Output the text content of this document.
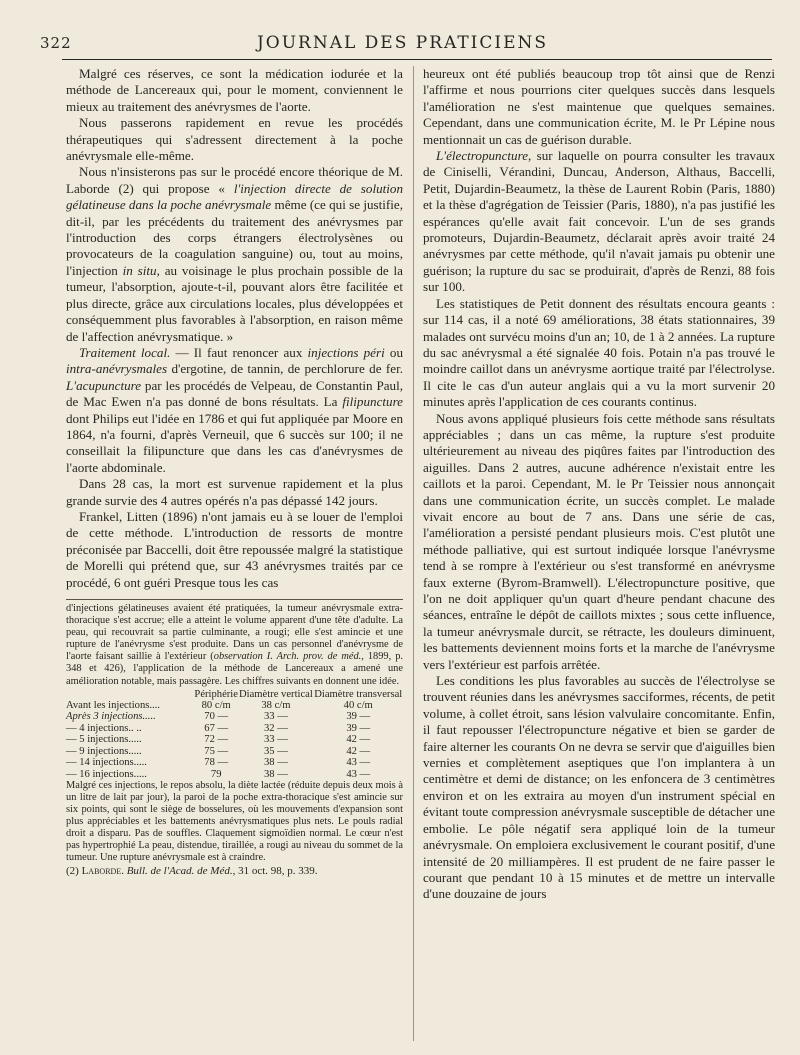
322	JOURNAL DES PRATICIENS

Malgré ces réserves, ce sont la médication iodurée et la méthode de Lancereaux qui, pour le moment, conviennent le mieux au traitement des anévrysmes de l'aorte.

Nous passerons rapidement en revue les procédés thérapeutiques qui s'adressent directement à la poche anévrysmale elle-même.

Nous n'insisterons pas sur le procédé encore théorique de M. Laborde (2) qui propose « l'injection directe de solution gélatineuse dans la poche anévrysmale même (ce qui se justifie, dit-il, par les précédents du traitement des anévrysmes par l'introduction des corps étrangers électrolysènes ou provocateurs de la coagulation sanguine) ou, tout au moins, l'injection in situ, au voisinage le plus prochain possible de la tumeur, l'absorption, ajoute-t-il, pouvant alors être facilitée et plus directe, grâce aux circulations locales, plus développées et conséquemment plus favorables à l'absorption, en raison même de l'affection anévrysmatique. »

Traitement local. — Il faut renoncer aux injections péri ou intra-anévrysmales d'ergotine, de tannin, de perchlorure de fer. L'acupuncture par les procédés de Velpeau, de Constantin Paul, de Mac Ewen n'a pas donné de bons résultats. La filipuncture dont Philips eut l'idée en 1786 et qui fut appliquée par Moore en 1864, n'a fourni, d'après Verneuil, que 6 succès sur 100; il ne conseillait la filipuncture que dans les cas d'anévrysmes de l'aorte abdominale.

Dans 28 cas, la mort est survenue rapidement et la plus grande survie des 4 autres opérés n'a pas dépassé 142 jours.

Frankel, Litten (1896) n'ont jamais eu à se louer de l'emploi de cette méthode. L'introduction de ressorts de montre préconisée par Baccelli, doit être repoussée malgré la statistique de Morelli qui prétend que, sur 43 anévrysmes traités par ce procédé, 6 ont guéri Presque tous les cas

d'injections gélatineuses avaient été pratiquées, la tumeur anévrysmale extra-thoracique s'est accrue; elle a atteint le volume apparent d'une tête d'adulte. La peau, qui recouvrait sa partie culminante, a rougi; elle s'est amincie et une rupture de l'anévrysme s'est produite. Dans un cas personnel d'anévrysme de l'aorte faisant saillie à l'extérieur (observation I. Arch. prov. de méd., 1899, p. 348 et 426), l'application de la méthode de Lancereaux a amené une amélioration notable, mais passagère. Les chiffres suivants en donnent une idée.

	Périphérie	Diamètre vertical	Diamètre transversal
Avant les injections....	80 c/m	38 c/m	40 c/m
Après 3 injections.....	70 —	33 —	39 —
— 4 injections.. ..	67 —	32 —	39 —
— 5 injections.....	72 —	33 —	42 —
— 9 injections.....	75 —	35 —	42 —
— 14 injections.....	78 —	38 —	43 —
— 16 injections.....	79	38 —	43 —

Malgré ces injections, le repos absolu, la diète lactée (réduite depuis deux mois à un litre de lait par jour), la paroi de la poche extra-thoracique s'est amincie sur six points, qui sont le siège de bosselures, où les mouvements d'expansion sont plus appréciables et les battements anévrysmatiques plus nets. Le pouls radial droit a disparu. Pas de souffles. Claquement sigmoïdien normal. Le cœur n'est pas hypertrophié La peau, distendue, tiraillée, a rougi au niveau du sommet de la tumeur. Une rupture anévrysmale est à craindre.

(2) Laborde. Bull. de l'Acad. de Méd., 31 oct. 98, p. 339.

heureux ont été publiés beaucoup trop tôt ainsi que de Renzi l'affirme et nous pourrions citer quelques succès dans lesquels l'amélioration ne s'est maintenue que quelques semaines. Cependant, dans une communication écrite, M. le Pr Lépine nous mentionnait un cas de guérison durable.

L'électropuncture, sur laquelle on pourra consulter les travaux de Ciniselli, Vérandini, Duncau, Anderson, Althaus, Baccelli, Petit, Dujardin-Beaumetz, la thèse de Laurent Robin (Paris, 1880) et la thèse d'agrégation de Teissier (Paris, 1880), n'a pas justifié les espérances qu'elle avait fait concevoir. L'un de ses grands promoteurs, Dujardin-Beaumetz, déclarait après avoir traité 24 anévrysmes par cette méthode, qu'il n'avait jamais pu obtenir une guérison; la rupture du sac se produirait, d'après de Renzi, 88 fois sur 100.

Les statistiques de Petit donnent des résultats encoura geants : sur 114 cas, il a noté 69 améliorations, 38 états stationnaires, 39 malades ont survécu moins d'un an; 10, de 1 à 2 années. La rupture du sac anévrysmal a été signalée 40 fois. Potain n'a pas trouvé le moindre caillot dans un anévrysme aortique traité par l'électrolyse. Il cite le cas d'un auteur anglais qui a vu la mort survenir 20 minutes après l'application de ces courants continus.

Nous avons appliqué plusieurs fois cette méthode sans résultats appréciables ; dans un cas même, la rupture s'est produite ultérieurement au niveau des piqûres faites par l'introduction des aiguilles. Dans 2 autres, aucune adhérence n'existait entre les caillots et la paroi. Cependant, M. le Pr Teissier nous annonçait dans une communication écrite, un succès complet. Le malade vivait encore au bout de 7 ans. Dans une série de cas, l'amélioration a persisté pendant plusieurs mois. C'est plutôt une méthode palliative, qui est surtout indiquée lorsque l'anévrysme tend à se rompre à l'extérieur ou s'est transformé en anévrysme faux externe (Byrom-Bramwell). L'électropuncture positive, que l'on ne doit appliquer qu'un quart d'heure pendant chacune des séances, entraîne le dépôt de caillots mixtes ; sous cette influence, la tumeur anévrysmale durcit, se rétracte, les douleurs diminuent, les battements deviennent moins forts et la marche de l'anévrysme vers l'extérieur est parfois arrêtée.

Les conditions les plus favorables au succès de l'électrolyse se trouvent réunies dans les anévrysmes sacciformes, récents, de petit volume, à collet étroit, sans lésion valvulaire concomitante. Enfin, il faut repousser l'électropuncture négative et bien se garder de faire alterner les courants On ne devra se servir que d'aiguilles bien vernies et complètement aseptiques que l'on implantera à un centimètre et demi de distance; on les enfoncera de 3 centimètres environ et on les extraira au moyen d'un instrument spécial en évitant toute compression anévrysmale susceptible de détacher une embolie. Le pôle négatif sera appliqué loin de la tumeur anévrysmale. On emploiera exclusivement le courant positif, d'une intensité de 20 milliampères. Il est prudent de ne faire passer le courant que pendant 10 à 15 minutes et de mettre un intervalle d'une douzaine de jours
